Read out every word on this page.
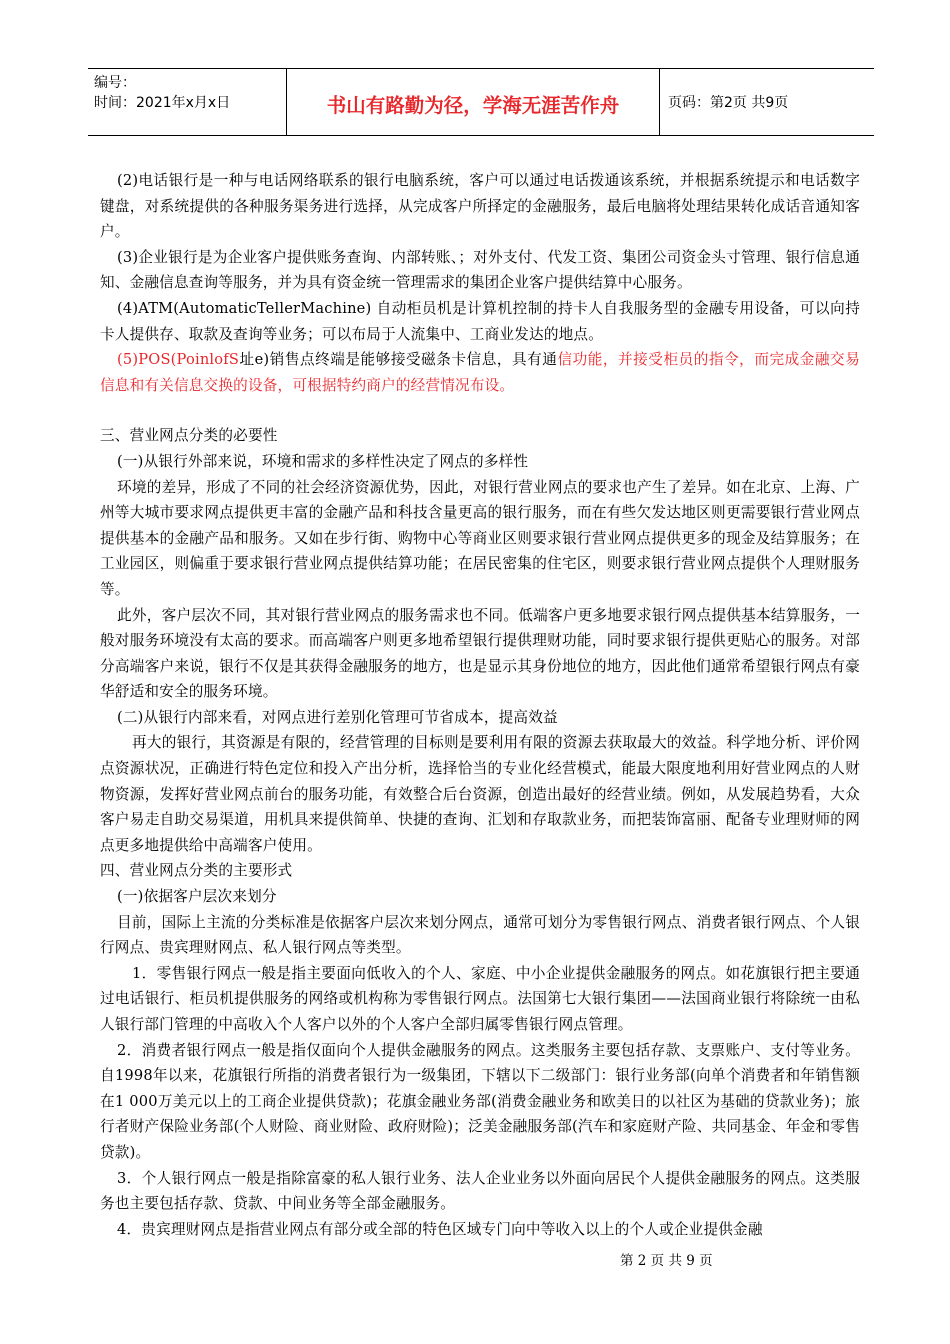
编号：
时间：2021年x月x日	书山有路勤为径，学海无涯苦作舟	页码：第2页 共9页

(2)电话银行是一种与电话网络联系的银行电脑系统，客户可以通过电话拨通该系统，并根据系统提示和电话数字键盘，对系统提供的各种服务渠务进行选择，从完成客户所择定的金融服务，最后电脑将处理结果转化成话音通知客户。

(3)企业银行是为企业客户提供账务查询、内部转账、；对外支付、代发工资、集团公司资金头寸管理、银行信息通知、金融信息查询等服务，并为具有资金统一管理需求的集团企业客户提供结算中心服务。

(4)ATM(AutomaticTellerMachine) 自动柜员机是计算机控制的持卡人自我服务型的金融专用设备，可以向持卡人提供存、取款及查询等业务；可以布局于人流集中、工商业发达的地点。

(5)POS(PoinlofS址e)销售点终端是能够接受磁条卡信息，具有通信功能，并接受柜员的指令，而完成金融交易信息和有关信息交换的设备，可根据特约商户的经营情况布设。

三、营业网点分类的必要性

(一)从银行外部来说，环境和需求的多样性决定了网点的多样性

环境的差异，形成了不同的社会经济资源优势，因此，对银行营业网点的要求也产生了差异。如在北京、上海、广州等大城市要求网点提供更丰富的金融产品和科技含量更高的银行服务，而在有些欠发达地区则更需要银行营业网点提供基本的金融产品和服务。又如在步行街、购物中心等商业区则要求银行营业网点提供更多的现金及结算服务；在工业园区，则偏重于要求银行营业网点提供结算功能；在居民密集的住宅区，则要求银行营业网点提供个人理财服务等。

此外，客户层次不同，其对银行营业网点的服务需求也不同。低端客户更多地要求银行网点提供基本结算服务，一般对服务环境没有太高的要求。而高端客户则更多地希望银行提供理财功能，同时要求银行提供更贴心的服务。对部分高端客户来说，银行不仅是其获得金融服务的地方，也是显示其身份地位的地方，因此他们通常希望银行网点有豪华舒适和安全的服务环境。

(二)从银行内部来看，对网点进行差别化管理可节省成本，提高效益

再大的银行，其资源是有限的，经营管理的目标则是要利用有限的资源去获取最大的效益。科学地分析、评价网点资源状况，正确进行特色定位和投入产出分析，选择恰当的专业化经营模式，能最大限度地利用好营业网点的人财物资源，发挥好营业网点前台的服务功能，有效整合后台资源，创造出最好的经营业绩。例如，从发展趋势看，大众客户易走自助交易渠道，用机具来提供简单、快捷的查询、汇划和存取款业务，而把装饰富丽、配备专业理财师的网点更多地提供给中高端客户使用。

四、营业网点分类的主要形式

(一)依据客户层次来划分

目前，国际上主流的分类标准是依据客户层次来划分网点，通常可划分为零售银行网点、消费者银行网点、个人银行网点、贵宾理财网点、私人银行网点等类型。

1．零售银行网点一般是指主要面向低收入的个人、家庭、中小企业提供金融服务的网点。如花旗银行把主要通过电话银行、柜员机提供服务的网络或机构称为零售银行网点。法国第七大银行集团——法国商业银行将除统一由私人银行部门管理的中高收入个人客户以外的个人客户全部归属零售银行网点管理。

2．消费者银行网点一般是指仅面向个人提供金融服务的网点。这类服务主要包括存款、支票账户、支付等业务。自1998年以来，花旗银行所指的消费者银行为一级集团，下辖以下二级部门：银行业务部(向单个消费者和年销售额在1 000万美元以上的工商企业提供贷款)；花旗金融业务部(消费金融业务和欧美日的以社区为基础的贷款业务)；旅行者财产保险业务部(个人财险、商业财险、政府财险)；泛美金融服务部(汽车和家庭财产险、共同基金、年金和零售贷款)。

3．个人银行网点一般是指除富豪的私人银行业务、法人企业业务以外面向居民个人提供金融服务的网点。这类服务也主要包括存款、贷款、中间业务等全部金融服务。

4．贵宾理财网点是指营业网点有部分或全部的特色区域专门向中等收入以上的个人或企业提供金融

第 2 页 共 9 页
